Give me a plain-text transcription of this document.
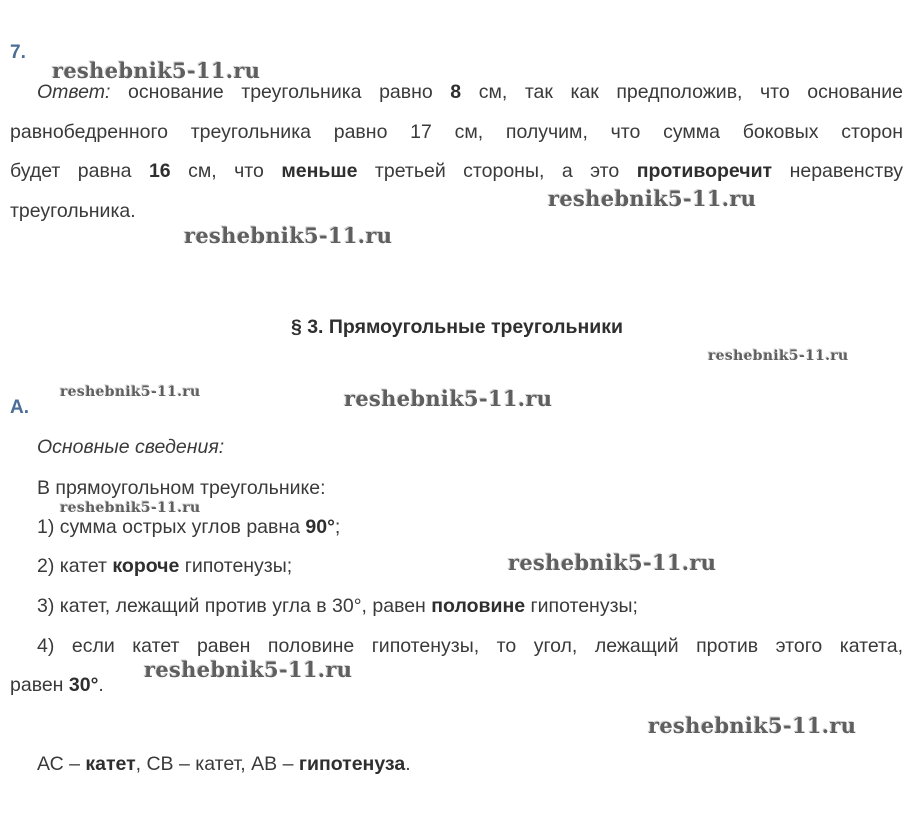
7.
Ответ: основание треугольника равно 8 см, так как предположив, что основание
равнобедренного треугольника равно 17 см, получим, что сумма боковых сторон
будет равна 16 см, что меньше третьей стороны, а это противоречит неравенству
треугольника.
§ 3. Прямоугольные треугольники
А.
Основные сведения:
В прямоугольном треугольнике:
1) сумма острых углов равна 90°;
2) катет короче гипотенузы;
3) катет, лежащий против угла в 30°, равен половине гипотенузы;
4) если катет равен половине гипотенузы, то угол, лежащий против этого катета,
равен 30°.
АС – катет, СВ – катет, АВ – гипотенуза.
reshebnik5-11.ru
reshebnik5-11.ru
reshebnik5-11.ru
reshebnik5-11.ru
reshebnik5-11.ru	reshebnik5-11.ru
reshebnik5-11.ru
reshebnik5-11.ru
reshebnik5-11.ru
reshebnik5-11.ru
